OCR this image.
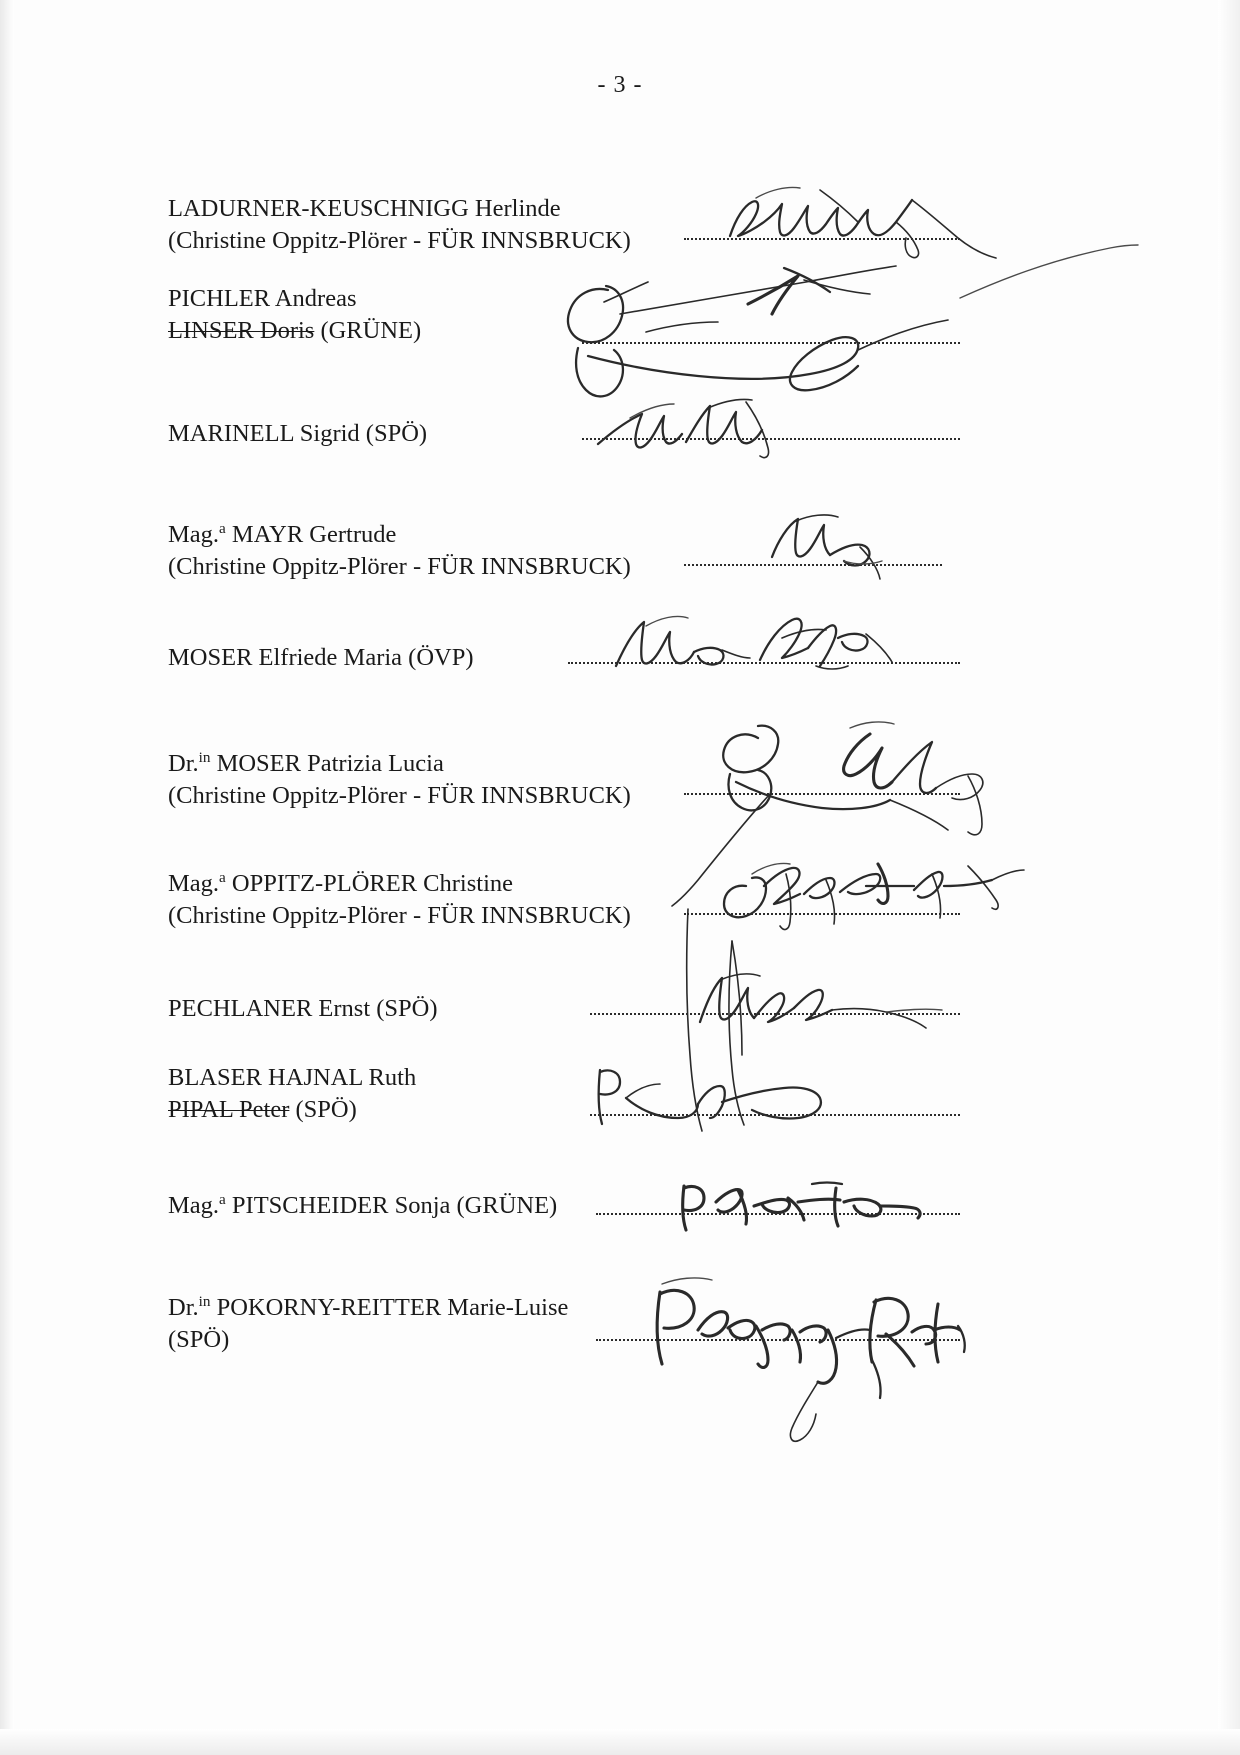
- 3 -
LADURNER-KEUSCHNIGG Herlinde
(Christine Oppitz-Plörer - FÜR INNSBRUCK)
PICHLER Andreas
LINSER Doris (GRÜNE)
MARINELL Sigrid (SPÖ)
Mag.$^a$ MAYR Gertrude
(Christine Oppitz-Plörer - FÜR INNSBRUCK)
MOSER Elfriede Maria (ÖVP)
Dr.$^{in}$ MOSER Patrizia Lucia
(Christine Oppitz-Plörer - FÜR INNSBRUCK)
Mag.$^a$ OPPITZ-PLÖRER Christine
(Christine Oppitz-Plörer - FÜR INNSBRUCK)
PECHLANER Ernst (SPÖ)
BLASER HAJNAL Ruth
PIPAL Peter (SPÖ)
Mag.$^a$ PITSCHEIDER Sonja (GRÜNE)
Dr.$^{in}$ POKORNY-REITTER Marie-Luise
(SPÖ)
